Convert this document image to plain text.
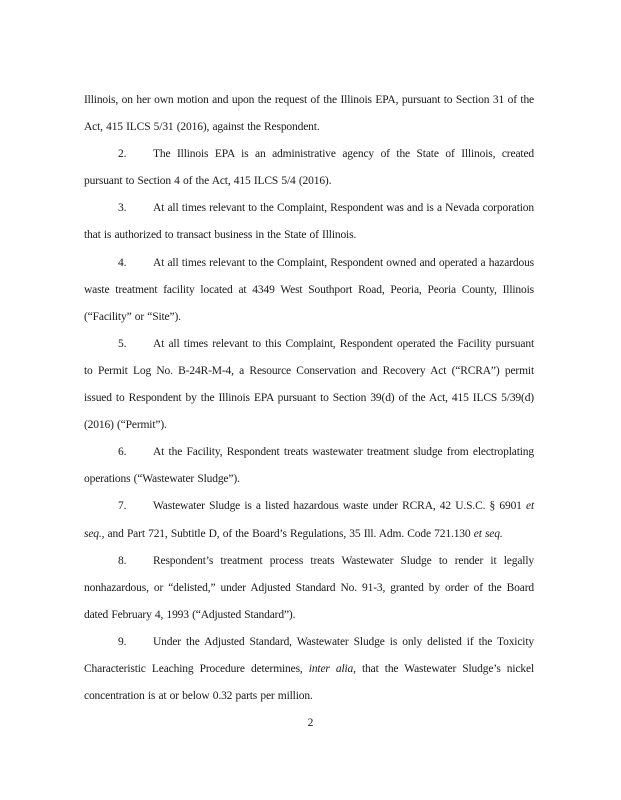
Illinois, on her own motion and upon the request of the Illinois EPA, pursuant to Section 31 of the Act, 415 ILCS 5/31 (2016), against the Respondent.

2. The Illinois EPA is an administrative agency of the State of Illinois, created pursuant to Section 4 of the Act, 415 ILCS 5/4 (2016).

3. At all times relevant to the Complaint, Respondent was and is a Nevada corporation that is authorized to transact business in the State of Illinois.

4. At all times relevant to the Complaint, Respondent owned and operated a hazardous waste treatment facility located at 4349 West Southport Road, Peoria, Peoria County, Illinois (“Facility” or “Site”).

5. At all times relevant to this Complaint, Respondent operated the Facility pursuant to Permit Log No. B-24R-M-4, a Resource Conservation and Recovery Act (“RCRA”) permit issued to Respondent by the Illinois EPA pursuant to Section 39(d) of the Act, 415 ILCS 5/39(d) (2016) (“Permit”).

6. At the Facility, Respondent treats wastewater treatment sludge from electroplating operations (“Wastewater Sludge”).

7. Wastewater Sludge is a listed hazardous waste under RCRA, 42 U.S.C. § 6901 et seq., and Part 721, Subtitle D, of the Board’s Regulations, 35 Ill. Adm. Code 721.130 et seq.

8. Respondent’s treatment process treats Wastewater Sludge to render it legally nonhazardous, or “delisted,” under Adjusted Standard No. 91-3, granted by order of the Board dated February 4, 1993 (“Adjusted Standard”).

9. Under the Adjusted Standard, Wastewater Sludge is only delisted if the Toxicity Characteristic Leaching Procedure determines, inter alia, that the Wastewater Sludge’s nickel concentration is at or below 0.32 parts per million.

2
